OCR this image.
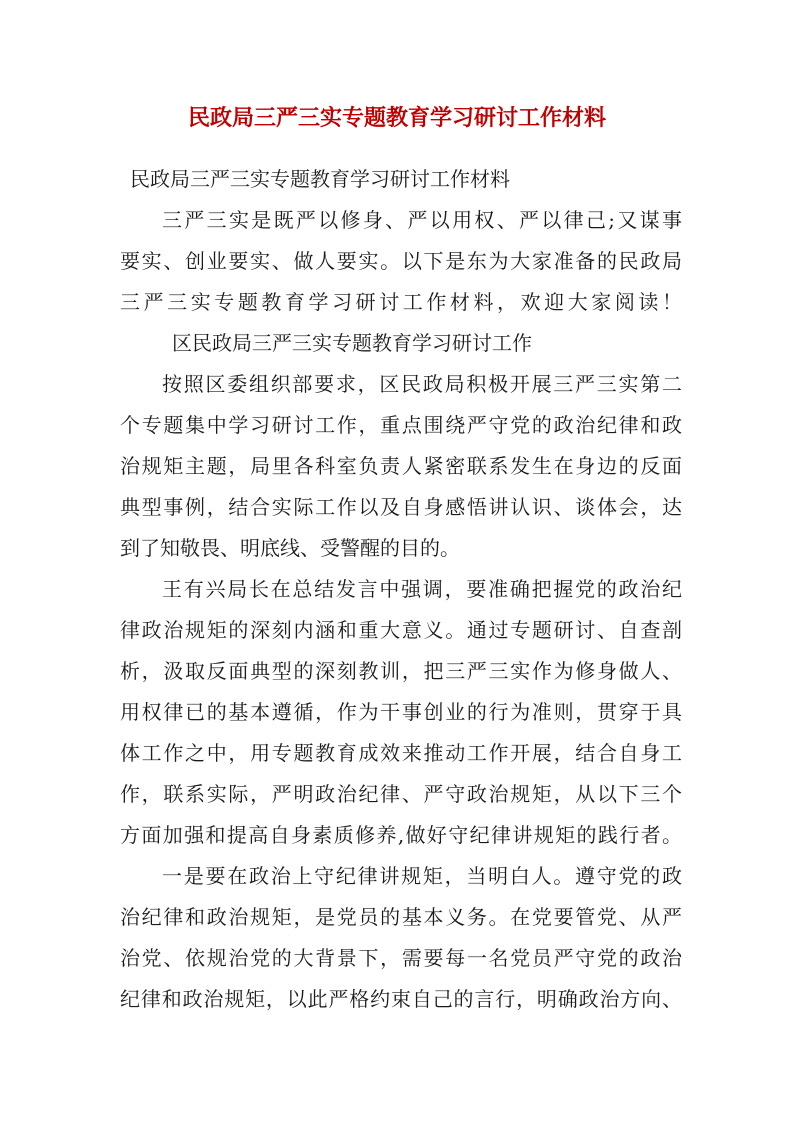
民政局三严三实专题教育学习研讨工作材料
民政局三严三实专题教育学习研讨工作材料
三严三实是既严以修身、严以用权、严以律己;又谋事
要实、创业要实、做人要实。以下是东为大家准备的民政局
三严三实专题教育学习研讨工作材料，欢迎大家阅读！
区民政局三严三实专题教育学习研讨工作
按照区委组织部要求，区民政局积极开展三严三实第二
个专题集中学习研讨工作，重点围绕严守党的政治纪律和政
治规矩主题，局里各科室负责人紧密联系发生在身边的反面
典型事例，结合实际工作以及自身感悟讲认识、谈体会，达
到了知敬畏、明底线、受警醒的目的。
王有兴局长在总结发言中强调，要准确把握党的政治纪
律政治规矩的深刻内涵和重大意义。通过专题研讨、自查剖
析，汲取反面典型的深刻教训，把三严三实作为修身做人、
用权律已的基本遵循，作为干事创业的行为准则，贯穿于具
体工作之中，用专题教育成效来推动工作开展，结合自身工
作，联系实际，严明政治纪律、严守政治规矩，从以下三个
方面加强和提高自身素质修养,做好守纪律讲规矩的践行者。
一是要在政治上守纪律讲规矩，当明白人。遵守党的政
治纪律和政治规矩，是党员的基本义务。在党要管党、从严
治党、依规治党的大背景下，需要每一名党员严守党的政治
纪律和政治规矩，以此严格约束自己的言行，明确政治方向、
